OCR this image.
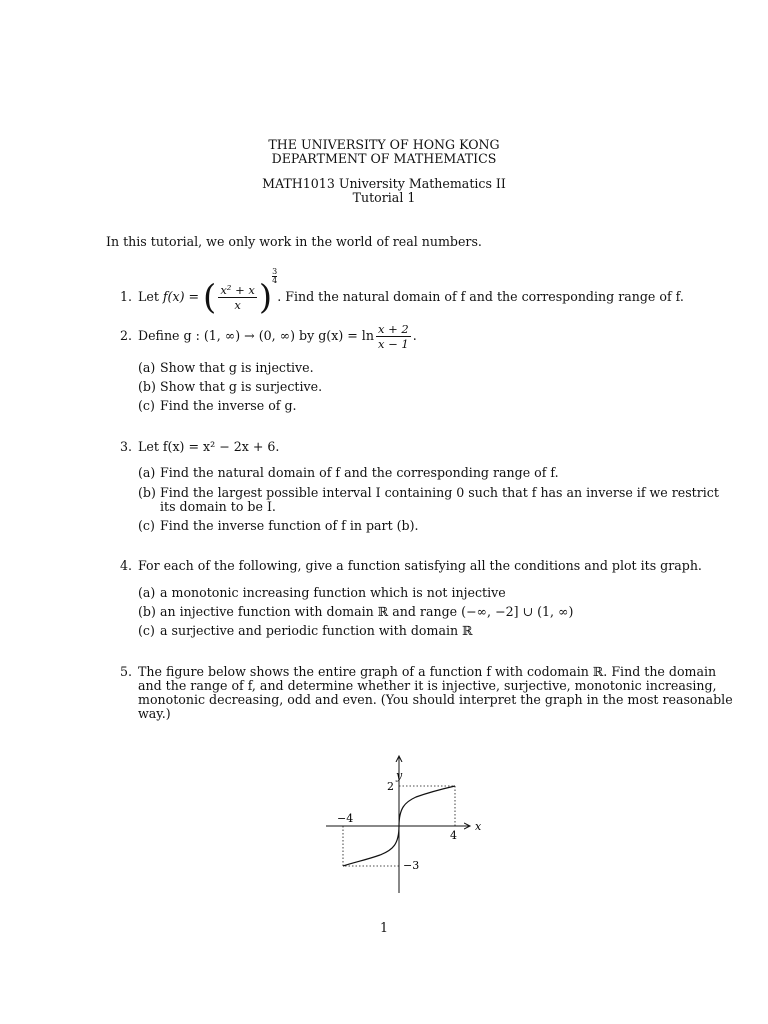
THE UNIVERSITY OF HONG KONG
DEPARTMENT OF MATHEMATICS
MATH1013 University Mathematics II
Tutorial 1
In this tutorial, we only work in the world of real numbers.
1. Let f(x) = ( $\frac{\text{x² + x}}{x}$ )
$\frac{3}{4}$
. Find the natural domain of f and the corresponding range of f.
2. Define g : (1, ∞) → (0, ∞) by $g(x) = \ln \frac{x + 2}{x - 1}$ .
(a) Show that g is injective.
(b) Show that g is surjective.
(c) Find the inverse of g.
3. Let f(x) = x² − 2x + 6.
(a) Find the natural domain of f and the corresponding range of f.
(b) Find the largest possible interval I containing 0 such that f has an inverse if we restrict
its domain to be I.
(c) Find the inverse function of f in part (b).
4. For each of the following, give a function satisfying all the conditions and plot its graph.
(a) a monotonic increasing function which is not injective
(b) an injective function with domain ℝ and range (−∞, −2] ∪ (1, ∞)
(c) a surjective and periodic function with domain ℝ
5. The figure below shows the entire graph of a function f with codomain ℝ. Find the domain
and the range of f, and determine whether it is injective, surjective, monotonic increasing,
monotonic decreasing, odd and even. (You should interpret the graph in the most reasonable
way.)
y
x
2
−4
4
−3
1
